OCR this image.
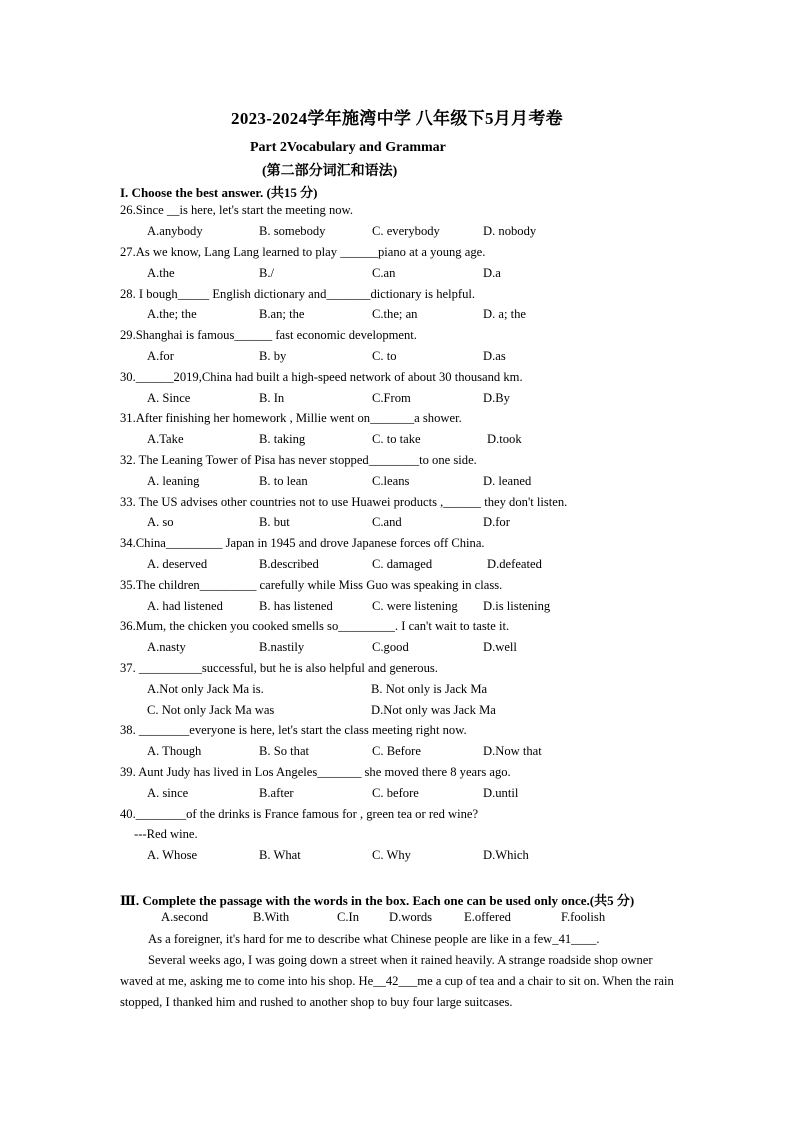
2023-2024学年施湾中学 八年级下5月月考卷
Part 2Vocabulary and Grammar
(第二部分词汇和语法)
I. Choose the best answer. (共15 分)
26.Since __is here, let's start the meeting now.
A.anybody	B. somebody	C. everybody	D. nobody
27.As we know, Lang Lang learned to play ______piano at a young age.
A.the	B./	C.an	D.a
28. I bough_____ English dictionary and_______dictionary is helpful.
A.the; the	B.an; the	C.the; an	D. a; the
29.Shanghai is famous______ fast economic development.
A.for	B. by	C. to	D.as
30.______2019,China had built a high-speed network of about 30 thousand km.
A. Since	B. In	C.From	D.By
31.After finishing her homework , Millie went on_______a shower.
A.Take	B. taking	C. to take	D.took
32. The Leaning Tower of Pisa has never stopped________to one side.
A. leaning	B. to lean	C.leans	D. leaned
33. The US advises other countries not to use Huawei products ,______ they don't listen.
A. so	B. but	C.and	D.for
34.China_________ Japan in 1945 and drove Japanese forces off China.
A. deserved	B.described	C. damaged	D.defeated
35.The children_________ carefully while Miss Guo was speaking in class.
A. had listened	B. has listened	C. were listening D.is listening
36.Mum, the chicken you cooked smells so_________. I can't wait to taste it.
A.nasty	B.nastily	C.good	D.well
37. __________successful, but he is also helpful and generous.
A.Not only Jack Ma is.	B. Not only is Jack Ma
C. Not only Jack Ma was	D.Not only was Jack Ma
38. ________everyone is here, let's start the class meeting right now.
A. Though	B. So that	C. Before	D.Now that
39. Aunt Judy has lived in Los Angeles_______ she moved there 8 years ago.
A. since	B.after	C. before	D.until
40.________of the drinks is France famous for , green tea or red wine?
---Red wine.
A. Whose	B. What	C. Why	D.Which
Ⅲ. Complete the passage with the words in the box. Each one can be used only once.(共5 分)
A.second	B.With	C.In D.words	E.offered	F.foolish
As a foreigner, it's hard for me to describe what Chinese people are like in a few_41____.
Several weeks ago, I was going down a street when it rained heavily. A strange roadside shop owner waved at me, asking me to come into his shop. He__42___me a cup of tea and a chair to sit on. When the rain stopped, I thanked him and rushed to another shop to buy four large suitcases.
